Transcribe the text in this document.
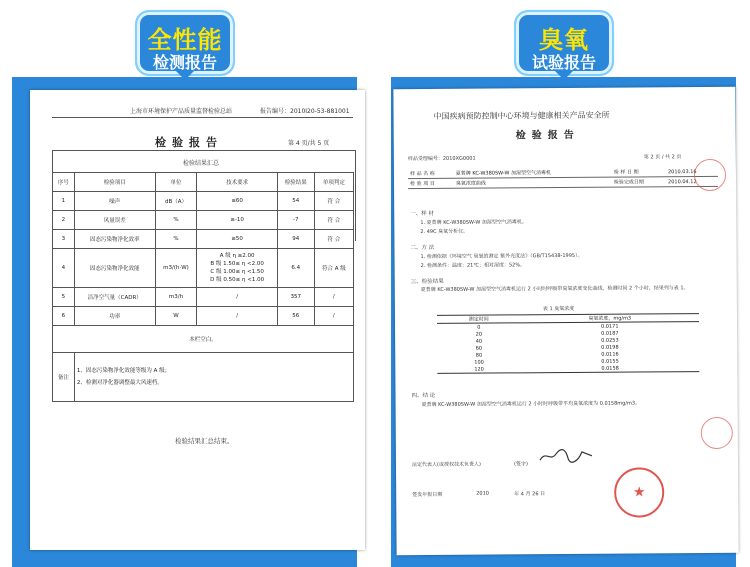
全性能
检测报告
臭氧
试验报告
上海市环境保护产品质量监督检验总站	报告编号：2010I20-53-881001
检验报告	第 4 页/共 5 页
检验结果汇总
序号	检验项目	单位	技术要求	检验结果	单项判定
1	噪声	dB（A）	≤60	54	符 合
2	风量误差	%	≥-10	-7	符 合
3	固态污染物净化效率	%	≥50	94	符 合
4	固态污染物净化效能	m3/(h·W)	A 级 η ≥2.00
B 级 1.50≤ η <2.00
C 级 1.00≤ η <1.50
D 级 0.50≤ η <1.00	6.4	符合 A 级
5	洁净空气量（CADR）	m3/h	/	357	/
6	功率	W	/	56	/
本栏空白。					
备注	1、固态污染物净化效能等级为 A 级；
2、检测对净化器调整最大风速档。				
检验结果汇总结束。
中国疾病预防控制中心环境与健康相关产品安全所
检验报告
样品受理编号：2010XG0001	第 2 页 / 共 2 页
样 品 名 称	夏普牌 KC-W380SW-W 加湿型空气消毒机	检 样 日 期	2010.03.16
检 验 项 目	臭氧浓度曲线	检验完成日期	2010.04.12
一、样 材
1. 夏普牌 KC-W380SW-W 加湿型空气消毒机。
2. 49C 臭氧分析仪。
二、方 法
1. 检测依据《环境空气 臭氧的测定 紫外光度法》（GB/T15438-1995）。
2. 检测条件：温度：21℃；相对湿度：52%。
三、检验结果
夏普牌 KC-W380SW-W 加湿型空气消毒机运行 2 小时时呼吸带臭氧浓度变化曲线，检测时间 2 个小时，结果列与表 1。
表 1 臭氧浓度
测定时间	臭氧浓度，mg/m3
0	0.0171
20	0.0187
40	0.0253
60	0.0198
80	0.0116
100	0.0155
120	0.0158
四、结 论
夏普牌 KC-W380SW-W 加湿型空气消毒机运行 2 小时时呼吸带平均臭氧浓度为 0.0158mg/m3。
法定代表人(或授权技术负责人)	(签字)
签发年报日期	2010	年 4 月 26 日	★
